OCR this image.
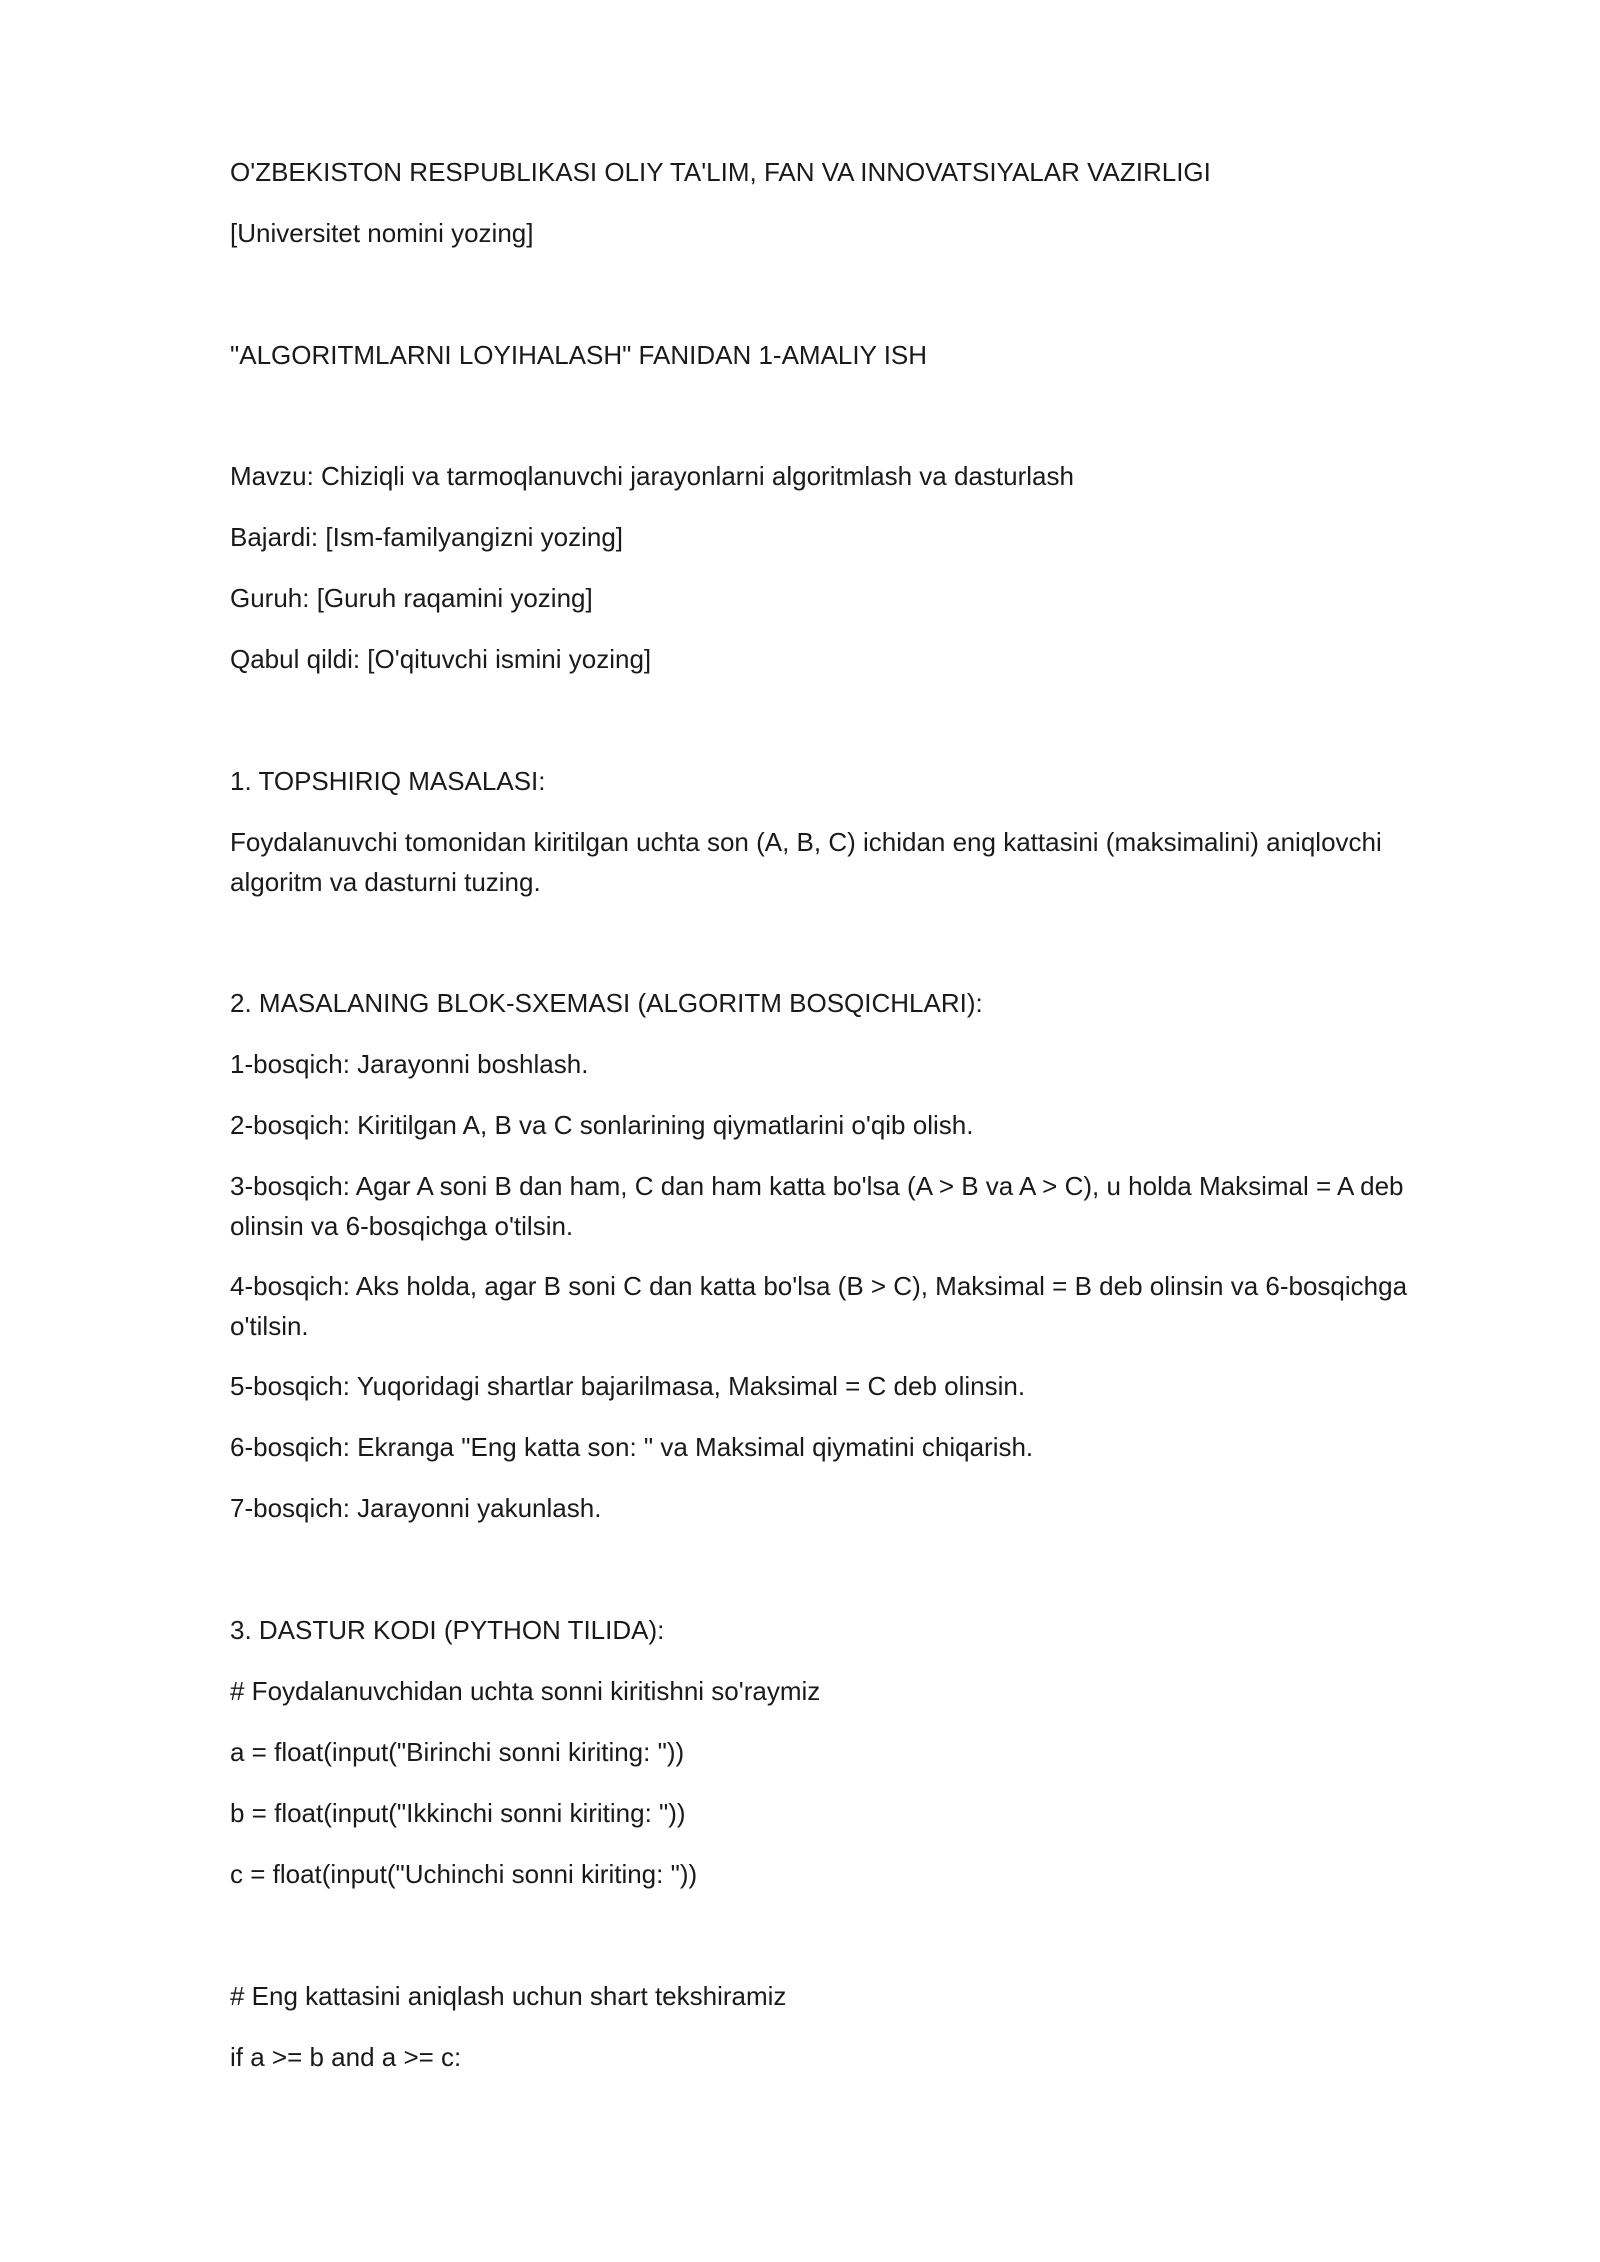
O'ZBEKISTON RESPUBLIKASI OLIY TA'LIM, FAN VA INNOVATSIYALAR VAZIRLIGI
[Universitet nomini yozing]
"ALGORITMLARNI LOYIHALASH" FANIDAN 1-AMALIY ISH
Mavzu: Chiziqli va tarmoqlanuvchi jarayonlarni algoritmlash va dasturlash
Bajardi: [Ism-familyangizni yozing]
Guruh: [Guruh raqamini yozing]
Qabul qildi: [O'qituvchi ismini yozing]
1. TOPSHIRIQ MASALASI:
Foydalanuvchi tomonidan kiritilgan uchta son (A, B, C) ichidan eng kattasini (maksimalini) aniqlovchi algoritm va dasturni tuzing.
2. MASALANING BLOK-SXEMASI (ALGORITM BOSQICHLARI):
1-bosqich: Jarayonni boshlash.
2-bosqich: Kiritilgan A, B va C sonlarining qiymatlarini o'qib olish.
3-bosqich: Agar A soni B dan ham, C dan ham katta bo'lsa (A > B va A > C), u holda Maksimal = A deb olinsin va 6-bosqichga o'tilsin.
4-bosqich: Aks holda, agar B soni C dan katta bo'lsa (B > C), Maksimal = B deb olinsin va 6-bosqichga o'tilsin.
5-bosqich: Yuqoridagi shartlar bajarilmasa, Maksimal = C deb olinsin.
6-bosqich: Ekranga "Eng katta son: " va Maksimal qiymatini chiqarish.
7-bosqich: Jarayonni yakunlash.
3. DASTUR KODI (PYTHON TILIDA):
# Foydalanuvchidan uchta sonni kiritishni so'raymiz
a = float(input("Birinchi sonni kiriting: "))
b = float(input("Ikkinchi sonni kiriting: "))
c = float(input("Uchinchi sonni kiriting: "))
# Eng kattasini aniqlash uchun shart tekshiramiz
if a >= b and a >= c:
